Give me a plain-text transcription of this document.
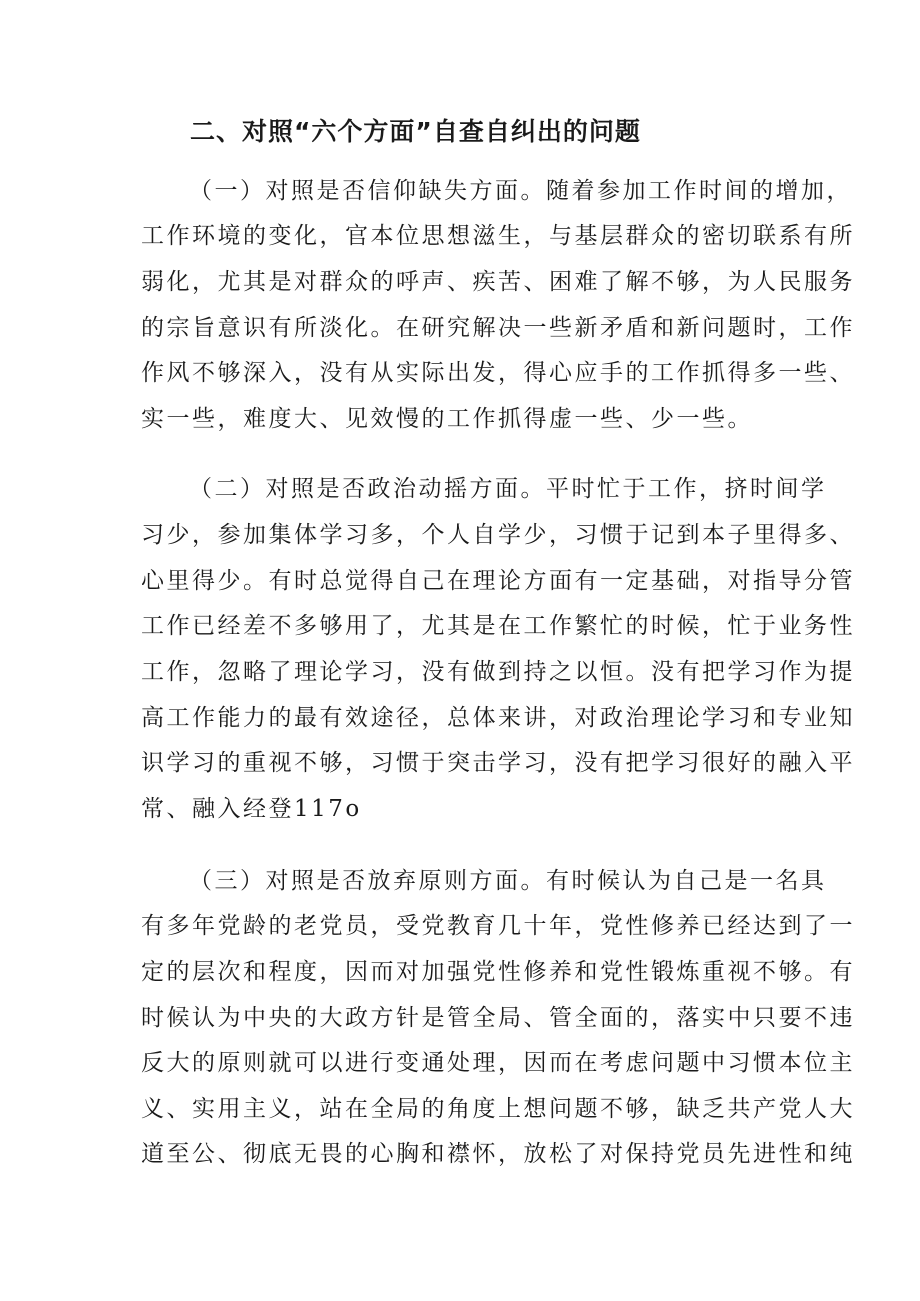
二、对照“六个方面”自查自纠出的问题
（一）对照是否信仰缺失方面。随着参加工作时间的增加，
工作环境的变化，官本位思想滋生，与基层群众的密切联系有所
弱化，尤其是对群众的呼声、疾苦、困难了解不够，为人民服务
的宗旨意识有所淡化。在研究解决一些新矛盾和新问题时，工作
作风不够深入，没有从实际出发，得心应手的工作抓得多一些、
实一些，难度大、见效慢的工作抓得虚一些、少一些。
（二）对照是否政治动摇方面。平时忙于工作，挤时间学
习少，参加集体学习多，个人自学少，习惯于记到本子里得多、
心里得少。有时总觉得自己在理论方面有一定基础，对指导分管
工作已经差不多够用了，尤其是在工作繁忙的时候，忙于业务性
工作，忽略了理论学习，没有做到持之以恒。没有把学习作为提
高工作能力的最有效途径，总体来讲，对政治理论学习和专业知
识学习的重视不够，习惯于突击学习，没有把学习很好的融入平
常、融入经登117o
（三）对照是否放弃原则方面。有时候认为自己是一名具
有多年党龄的老党员，受党教育几十年，党性修养已经达到了一
定的层次和程度，因而对加强党性修养和党性锻炼重视不够。有
时候认为中央的大政方针是管全局、管全面的，落实中只要不违
反大的原则就可以进行变通处理，因而在考虑问题中习惯本位主
义、实用主义，站在全局的角度上想问题不够，缺乏共产党人大
道至公、彻底无畏的心胸和襟怀，放松了对保持党员先进性和纯
